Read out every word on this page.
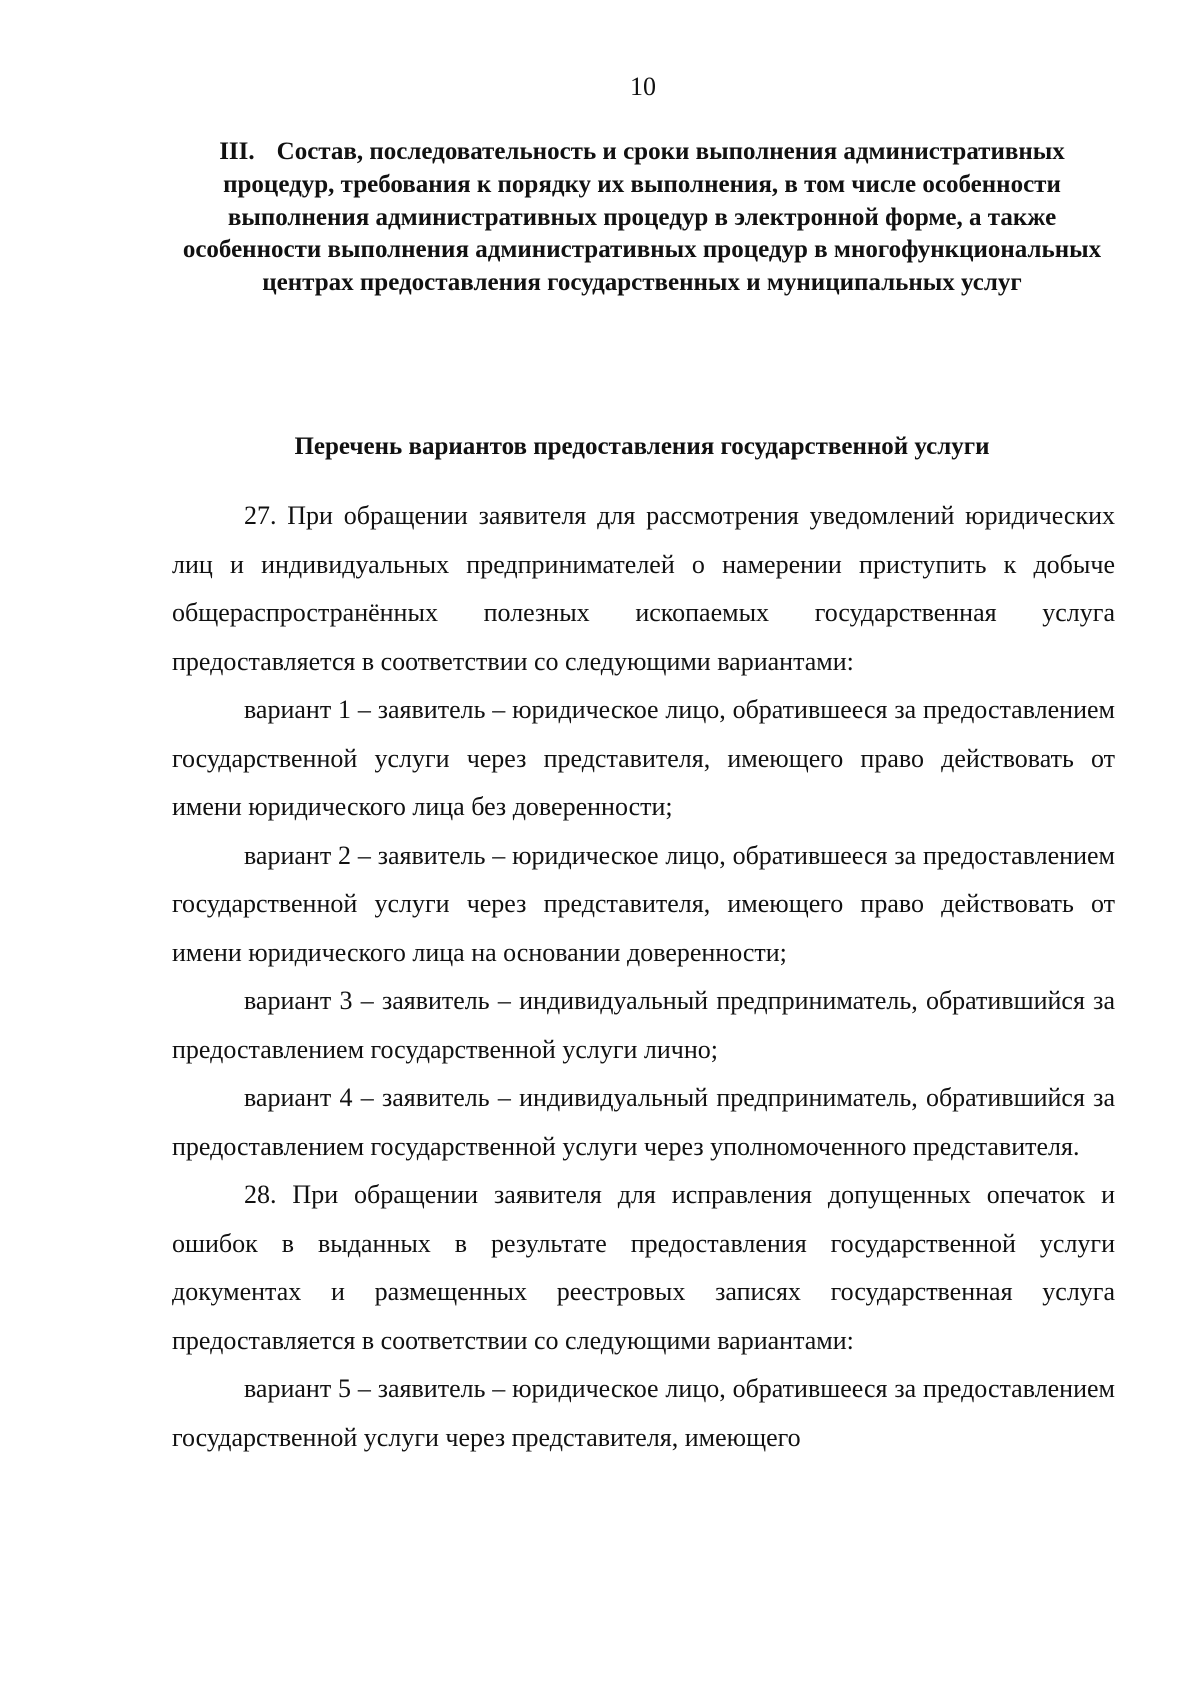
10
III. Состав, последовательность и сроки выполнения административных процедур, требования к порядку их выполнения, в том числе особенности выполнения административных процедур в электронной форме, а также особенности выполнения административных процедур в многофункциональных центрах предоставления государственных и муниципальных услуг
Перечень вариантов предоставления государственной услуги

27. При обращении заявителя для рассмотрения уведомлений юридических лиц и индивидуальных предпринимателей о намерении приступить к добыче общераспространённых полезных ископаемых государственная услуга предоставляется в соответствии со следующими вариантами:

вариант 1 – заявитель – юридическое лицо, обратившееся за предоставлением государственной услуги через представителя, имеющего право действовать от имени юридического лица без доверенности;

вариант 2 – заявитель – юридическое лицо, обратившееся за предоставлением государственной услуги через представителя, имеющего право действовать от имени юридического лица на основании доверенности;

вариант 3 – заявитель – индивидуальный предприниматель, обратившийся за предоставлением государственной услуги лично;

вариант 4 – заявитель – индивидуальный предприниматель, обратившийся за предоставлением государственной услуги через уполномоченного представителя.

28. При обращении заявителя для исправления допущенных опечаток и ошибок в выданных в результате предоставления государственной услуги документах и размещенных реестровых записях государственная услуга предоставляется в соответствии со следующими вариантами:

вариант 5 – заявитель – юридическое лицо, обратившееся за предоставлением государственной услуги через представителя, имеющего
